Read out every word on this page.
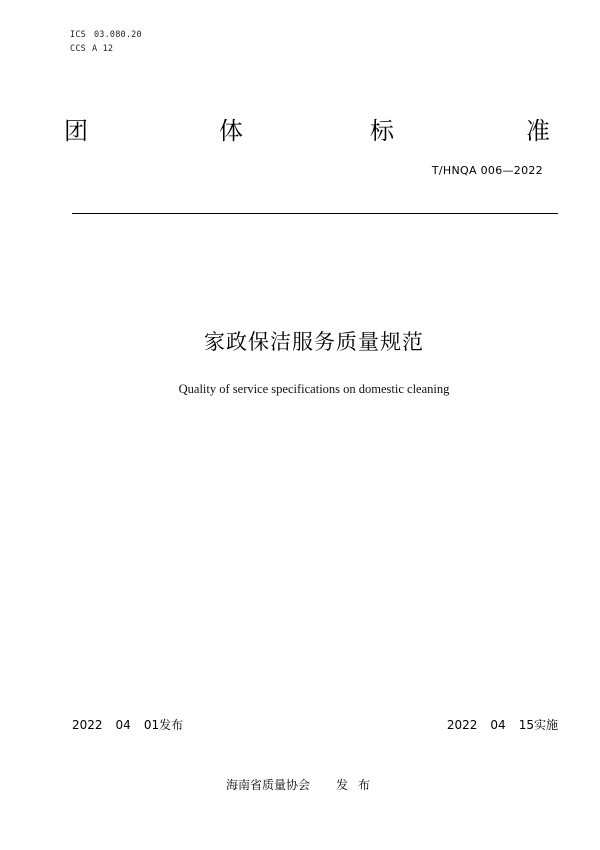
ICS 03.080.20
CCS A 12
团	体	标	准
T/HNQA 006—2022
家政保洁服务质量规范
Quality of service specifications on domestic cleaning
2022 04 01发布	2022 04 15实施
海南省质量协会 发布
